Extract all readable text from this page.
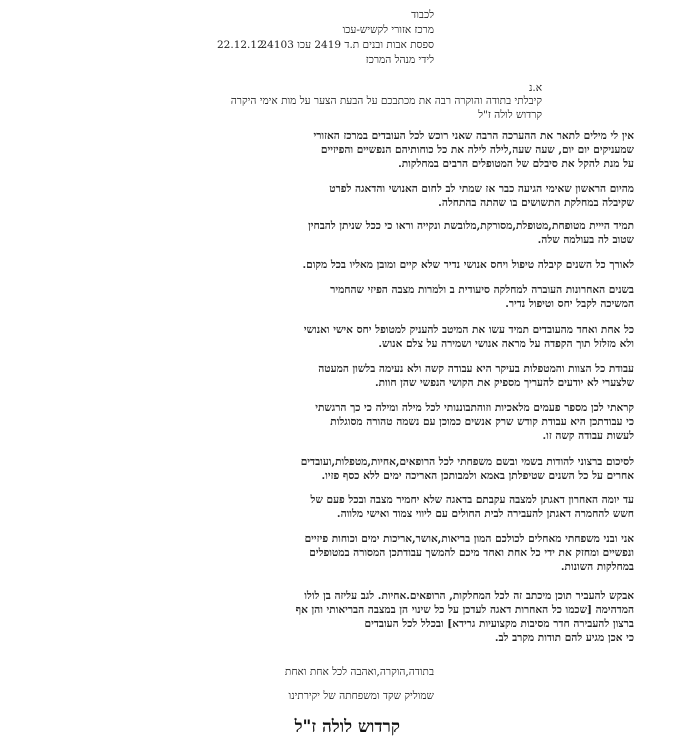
לכבוד
מרכז אזורי לקשיש-עכו
ספסת אבות ובנים ת.ד 2419 עכו 24103
לידי מנהל המרכז
22.12.12
א.נ
קיבלתי בתודה והוקרה רבה את מכתבכם על הבעת הצער על מות אימי היקרה
קרדוש לולה ז"ל
אין לי מילים לתאר את ההערכה הרבה שאני רוכש לכל העובדים במרכז האזורי
שמעניקים יום יום, שעה שעה,לילה לילה את כל כוחותיהם הנפשיים והפיזיים
על מנת להקל את סיבלם של המטופלים הרבים במחלקות.
מהיום הראשון שאימי הגיעה כבר אז שמתי לב לחום האנושי והדאגה לפרט
שקיבלה במחלקת התשושים בו שהתה בהתחלה.
תמיד הייית מטופחת,מטופלת,מסורקת,מלובשת ונקייה וראו כי ככל שניתן להבחין
שטוב לה בעולמה שלה.
לאורך כל השנים קיבלה טיפול ויחס אנושי נדיר שלא קיים ומובן מאליו בכל מקום.
בשנים האחרונות העוברה למחלקה סיעודית ב ולמרות מצבה הפיזי שהחמיר
המשיכה לקבל יחס וטיפול נדיר.
כל אחת ואחד מהעובדים תמיד עשו את המיטב להעניק למטופל יחס אישי ואנושי
ולא מזלזל תוך הקפדה על מראה אנושי ושמירה על צלם אנוש.
עבודת כל הצוות והמטפלות בעיקר היא עבודה קשה ולא נעימה בלשון המעטה
שלצערי לא יודעים להעריך מספיק את הקושי הנפשי שהן חוות.
קראתי לכן מספר פעמים מלאכיות וזוהתבוננותי לכל מילה ומילה כי כך הרגשתי
כי עבודתכן היא עבודת קודש שרק אנשים כמוכן עם נשמה טהורה מסוגלות
לעשות עבודה קשה זו.
לסיכום ברצוני להודות בשמי ובשם משפחתי לכל הרופאים,אחיות,מטפלות,ועובדים
אחרים על כל השנים שטיפלתן באמא ולמבותכן האריכה ימים ללא כסף פזיו.
עד יומה האחרון דאגתן למצבה עקבתם בדאגה שלא יחמיר מצבה ובכל פעם של
חשש להחמרה דאגתן להעבירה לבית החולים עם ליווי צמוד ואישי מלווה.
אני ובני משפחתי מאחלים לכולכם המון בריאות,אושר,אריכות ימים וכוחות פיזיים
ונפשיים ומחזק את ידי כל אחת ואחד מיכם להמשך עבודתכן המסורה במטופלים
במחלקות השונות.
אבקש להעביר תוכן מיכתב זה לכל המחלקות, הרופאים.אחיות. לגב עליזה בן לולו
המדהימה [שכמו כל האחרות דאגה לעדכן על כל שינוי הן במצבה הבריאותי והן אף
ברצון להעבירה חדר מסיבות מקצועיות גרידא] ובכלל לכל העובדים
כי אכן מגיע להם תודות מקרב לב.
בתודה,הוקרה,ואהבה לכל אחת ואחת
שמוליק שקד ומשפחתה של יקירתינו
קרדוש לולה ז"ל
